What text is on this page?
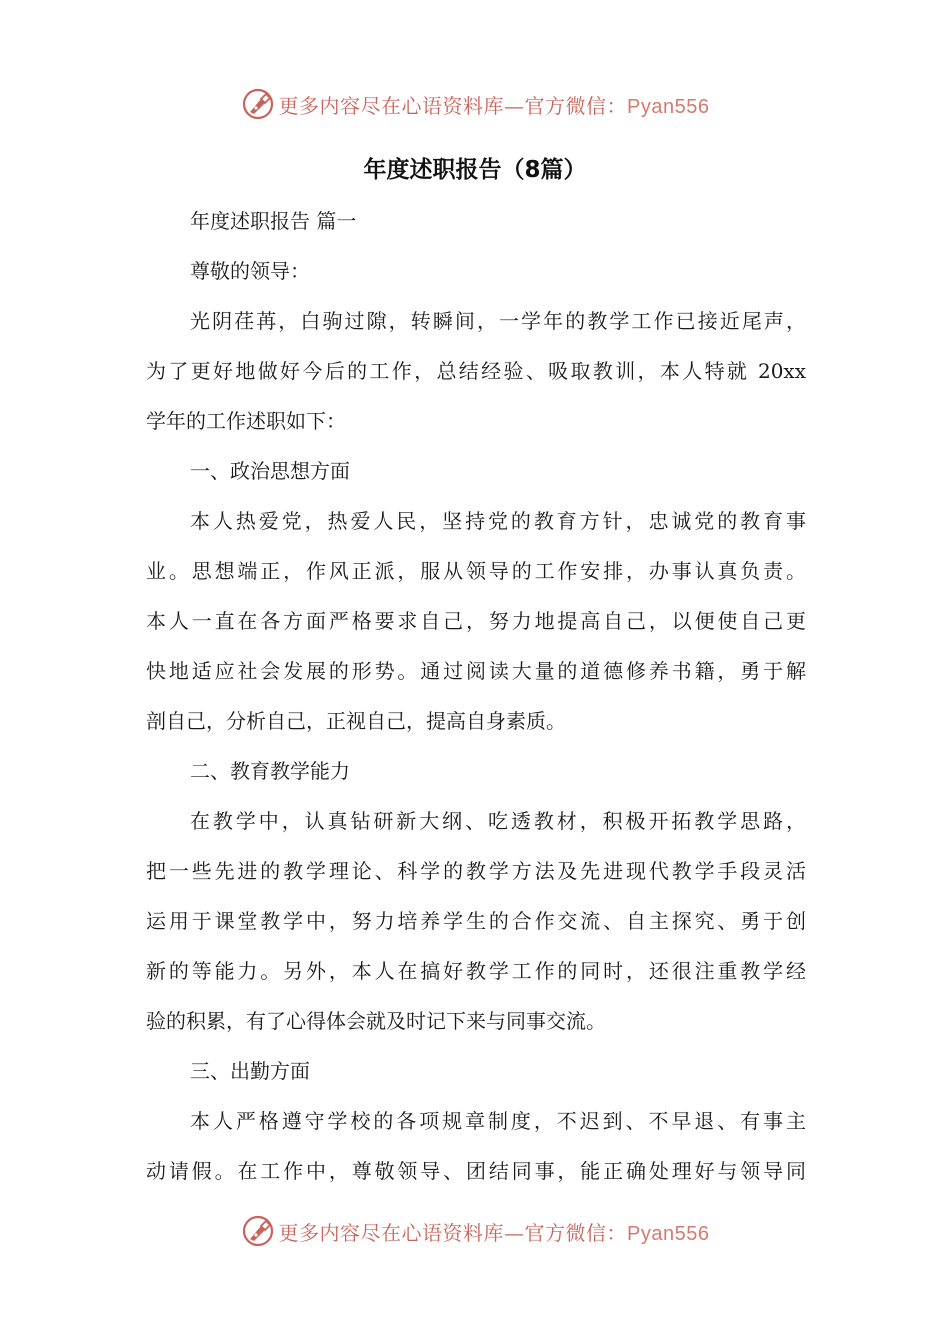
更多内容尽在心语资料库—官方微信：Pyan556
年度述职报告（8篇）
年度述职报告 篇一
尊敬的领导：
光阴荏苒，白驹过隙，转瞬间，一学年的教学工作已接近尾声，
为了更好地做好今后的工作，总结经验、吸取教训，本人特就 20xx
学年的工作述职如下：
一、政治思想方面
本人热爱党，热爱人民，坚持党的教育方针，忠诚党的教育事
业。思想端正，作风正派，服从领导的工作安排，办事认真负责。
本人一直在各方面严格要求自己，努力地提高自己，以便使自己更
快地适应社会发展的形势。通过阅读大量的道德修养书籍，勇于解
剖自己，分析自己，正视自己，提高自身素质。
二、教育教学能力
在教学中，认真钻研新大纲、吃透教材，积极开拓教学思路，
把一些先进的教学理论、科学的教学方法及先进现代教学手段灵活
运用于课堂教学中，努力培养学生的合作交流、自主探究、勇于创
新的等能力。另外，本人在搞好教学工作的同时，还很注重教学经
验的积累，有了心得体会就及时记下来与同事交流。
三、出勤方面
本人严格遵守学校的各项规章制度，不迟到、不早退、有事主
动请假。在工作中，尊敬领导、团结同事，能正确处理好与领导同
更多内容尽在心语资料库—官方微信：Pyan556
